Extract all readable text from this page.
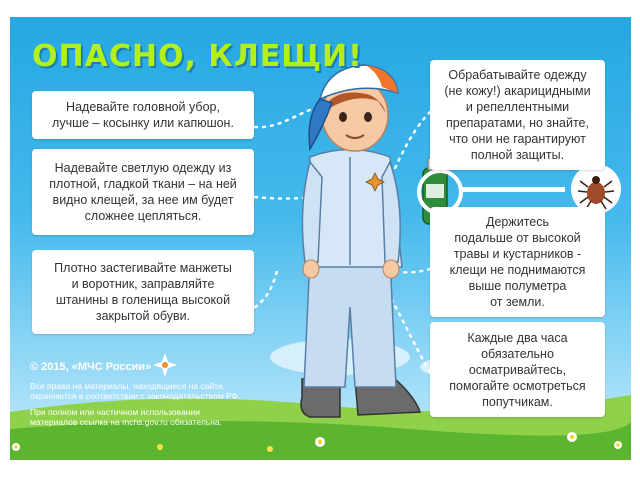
ОПАСНО, КЛЕЩИ!
Надевайте головной убор,
лучше – косынку или капюшон.
Надевайте светлую одежду из
плотной, гладкой ткани – на ней
видно клещей, за нее им будет
сложнее цепляться.
Плотно застегивайте манжеты
и воротник, заправляйте
штанины в голенища высокой
закрытой обуви.
Обрабатывайте одежду
(не кожу!) акарицидными
и репеллентными
препаратами, но знайте,
что они не гарантируют
полной защиты.
Держитесь
подальше от высокой
травы и кустарников -
клещи не поднимаются
выше полуметра
от земли.
Каждые два часа
обязательно
осматривайтесь,
помогайте осмотреться
попутчикам.

© 2015, «МЧС России»

Все права на материалы, находящиеся на сайте,
охраняются в соответствии с законодательством РФ.

При полном или частичном использовании
материалов ссылка на mchs.gov.ru обязательна.
